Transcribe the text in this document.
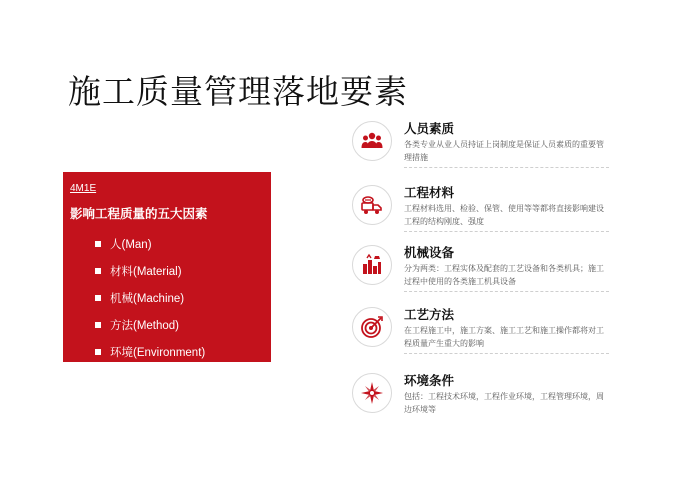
施工质量管理落地要素
4M1E
影响工程质量的五大因素
人(Man)
材料(Material)
机械(Machine)
方法(Method)
环境(Environment)
人员素质
各类专业从业人员持证上岗制度是保证人员素质的重要管理措施
工程材料
工程材料选用、检验、保管、使用等等都将直接影响建设工程的结构刚度、强度
机械设备
分为两类：工程实体及配套的工艺设备和各类机具；施工过程中使用的各类施工机具设备
工艺方法
在工程施工中，施工方案、施工工艺和施工操作都将对工程质量产生重大的影响
环境条件
包括：工程技术环境，工程作业环境，工程管理环境，周边环境等
